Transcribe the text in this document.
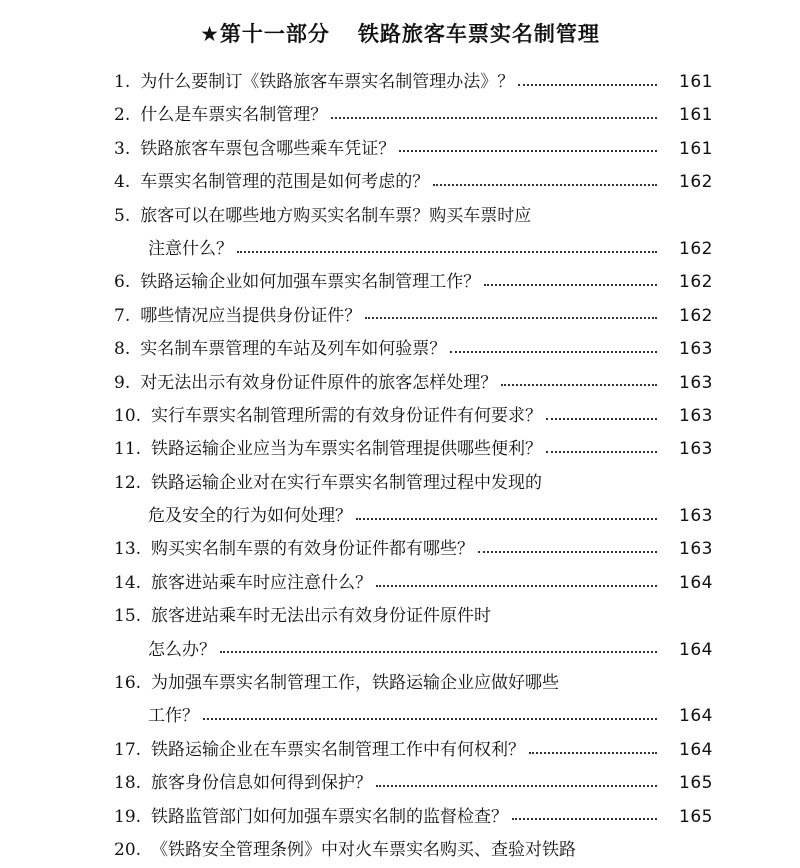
★第十一部分 铁路旅客车票实名制管理
1. 为什么要制订《铁路旅客车票实名制管理办法》？	161
2. 什么是车票实名制管理？	161
3. 铁路旅客车票包含哪些乘车凭证？	161
4. 车票实名制管理的范围是如何考虑的？	162
5. 旅客可以在哪些地方购买实名制车票？购买车票时应
注意什么？	162
6. 铁路运输企业如何加强车票实名制管理工作？	162
7. 哪些情况应当提供身份证件？	162
8. 实名制车票管理的车站及列车如何验票？	163
9. 对无法出示有效身份证件原件的旅客怎样处理？	163
10. 实行车票实名制管理所需的有效身份证件有何要求？	163
11. 铁路运输企业应当为车票实名制管理提供哪些便利？	163
12. 铁路运输企业对在实行车票实名制管理过程中发现的
危及安全的行为如何处理？	163
13. 购买实名制车票的有效身份证件都有哪些？	163
14. 旅客进站乘车时应注意什么？	164
15. 旅客进站乘车时无法出示有效身份证件原件时
怎么办？	164
16. 为加强车票实名制管理工作，铁路运输企业应做好哪些
工作？	164
17. 铁路运输企业在车票实名制管理工作中有何权利？	164
18. 旅客身份信息如何得到保护？	165
19. 铁路监管部门如何加强车票实名制的监督检查？	165
20. 《铁路安全管理条例》中对火车票实名购买、查验对铁路
